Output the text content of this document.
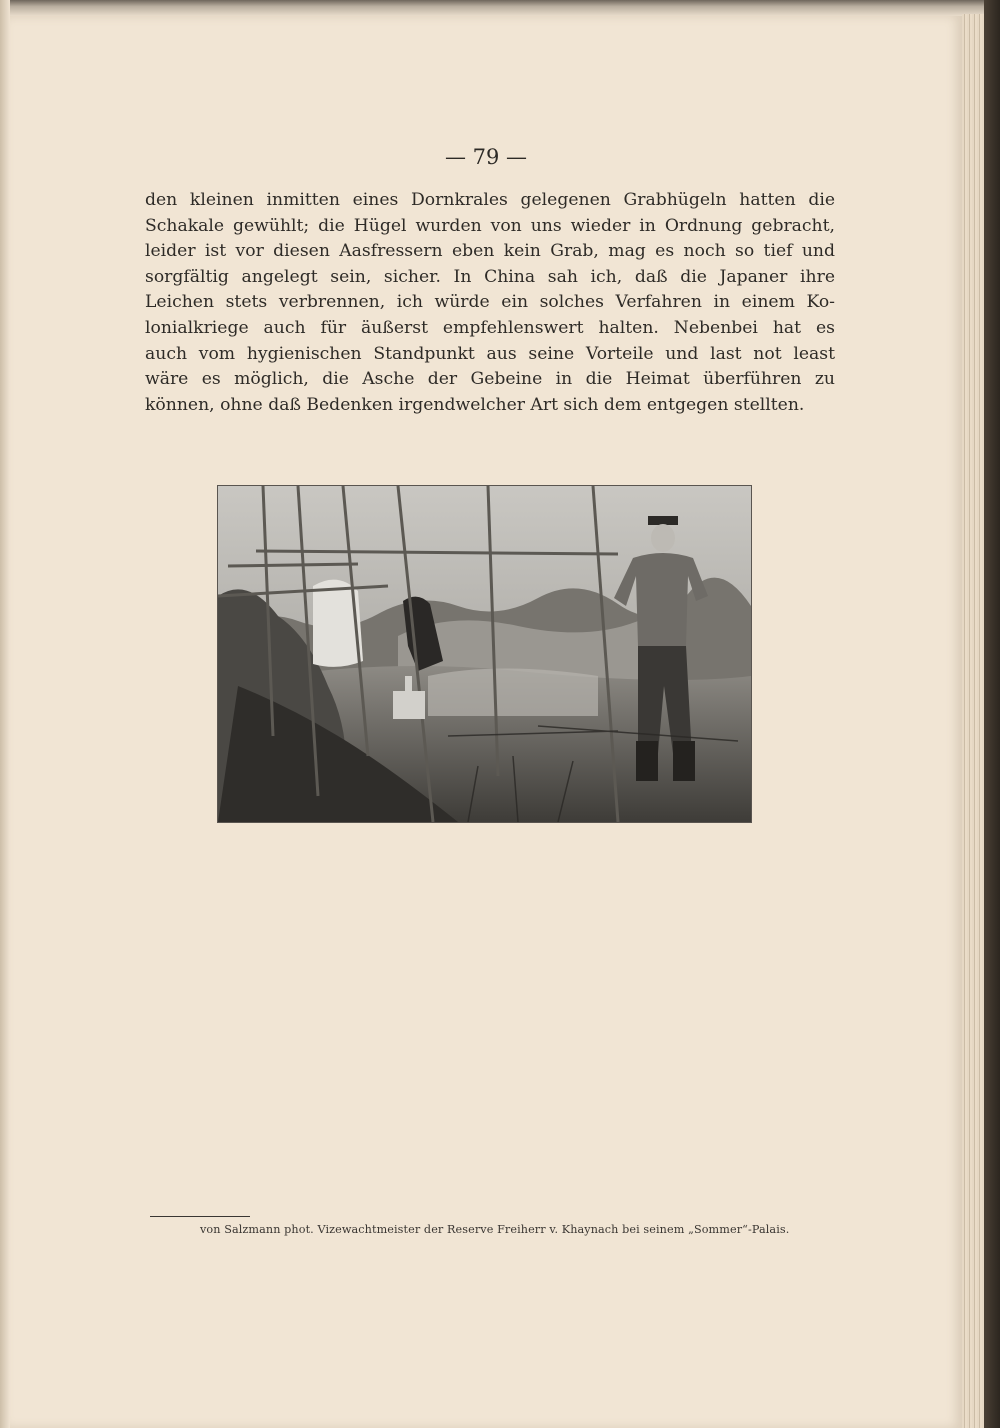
— 79 —

den kleinen inmitten eines Dornkrales gelegenen Grabhügeln hatten die
Schakale gewühlt; die Hügel wurden von uns wieder in Ordnung gebracht,
leider ist vor diesen Aasfressern eben kein Grab, mag es noch so tief und
sorgfältig angelegt sein, sicher. In China sah ich, daß die Japaner ihre
Leichen stets verbrennen, ich würde ein solches Verfahren in einem Ko-
lonialkriege auch für äußerst empfehlenswert halten. Nebenbei hat es
auch vom hygienischen Standpunkt aus seine Vorteile und last not least
wäre es möglich, die Asche der Gebeine in die Heimat überführen zu
können, ohne daß Bedenken irgendwelcher Art sich dem entgegen stellten.

von Salzmann phot. Vizewachtmeister der Reserve Freiherr v. Khaynach bei seinem „Sommer“-Palais.
